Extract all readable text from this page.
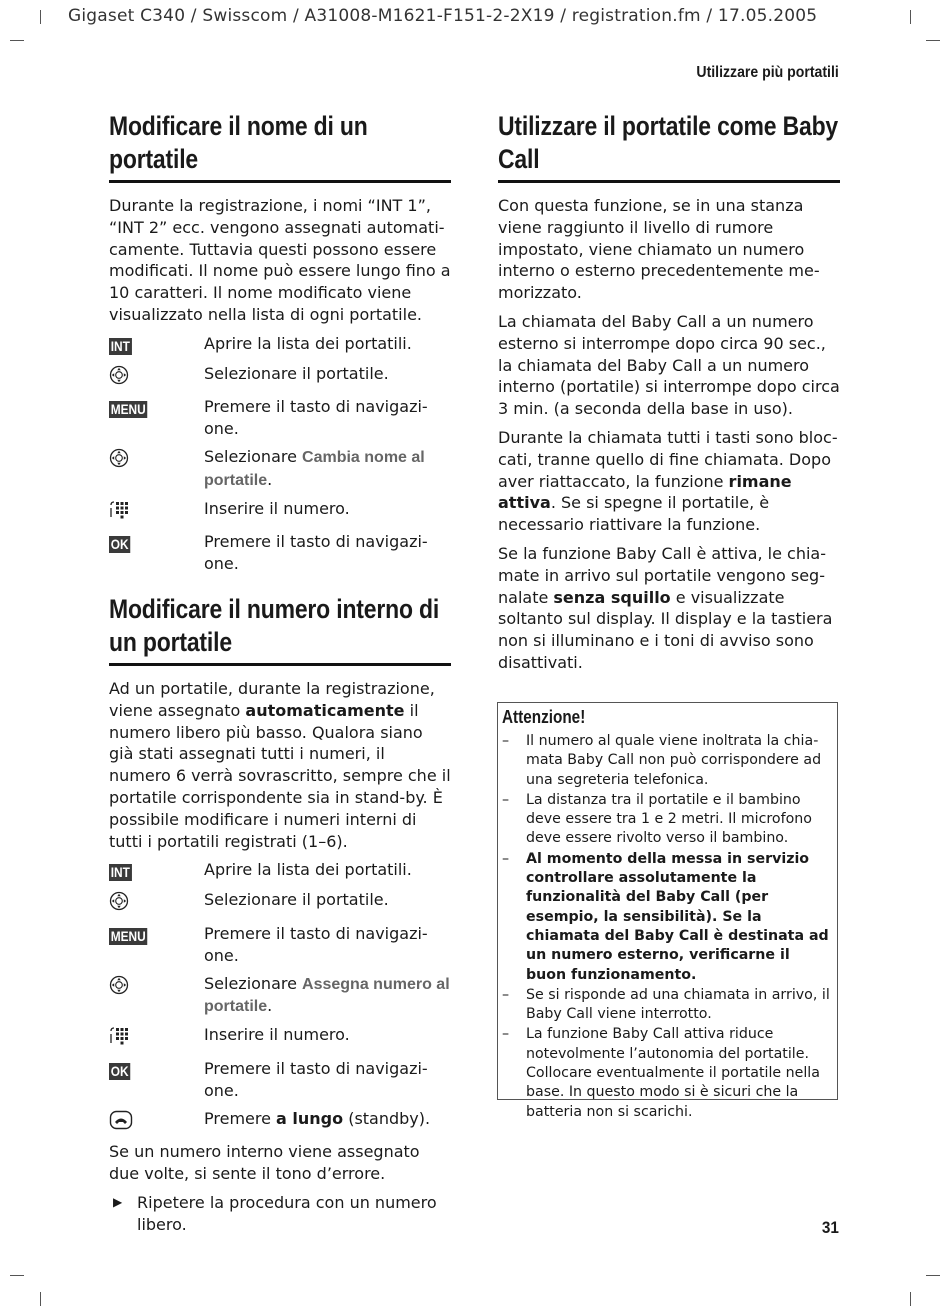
Gigaset C340 / Swisscom / A31008-M1621-F151-2-2X19 / registration.fm / 17.05.2005
Utilizzare più portatili
Modificare il nome di un portatile

Durante la registrazione, i nomi “INT 1”, “INT 2” ecc. vengono assegnati automaticamente. Tuttavia questi possono essere modificati. Il nome può essere lungo fino a 10 caratteri. Il nome modificato viene visualizzato nella lista di ogni portatile.

INT	Aprire la lista dei portatili.
Selezionare il portatile.
MENU	Premere il tasto di navigazione.
Selezionare Cambia nome al portatile.
Inserire il numero.
OK	Premere il tasto di navigazione.
Modificare il numero interno di un portatile

Ad un portatile, durante la registrazione, viene assegnato automaticamente il numero libero più basso. Qualora siano già stati assegnati tutti i numeri, il numero 6 verrà sovrascritto, sempre che il portatile corrispondente sia in stand-by. È possibile modificare i numeri interni di tutti i portatili registrati (1–6).

INT	Aprire la lista dei portatili.
Selezionare il portatile.
MENU	Premere il tasto di navigazione.
Selezionare Assegna numero al portatile.
Inserire il numero.
OK	Premere il tasto di navigazione.
Premere a lungo (standby).

Se un numero interno viene assegnato due volte, si sente il tono d’errore.

▶ Ripetere la procedura con un numero libero.
Utilizzare il portatile come Baby Call

Con questa funzione, se in una stanza viene raggiunto il livello di rumore impostato, viene chiamato un numero interno o esterno precedentemente memorizzato.

La chiamata del Baby Call a un numero esterno si interrompe dopo circa 90 sec., la chiamata del Baby Call a un numero interno (portatile) si interrompe dopo circa 3 min. (a seconda della base in uso).

Durante la chiamata tutti i tasti sono bloccati, tranne quello di fine chiamata. Dopo aver riattaccato, la funzione rimane attiva. Se si spegne il portatile, è necessario riattivare la funzione.

Se la funzione Baby Call è attiva, le chiamate in arrivo sul portatile vengono segnalate senza squillo e visualizzate soltanto sul display. Il display e la tastiera non si illuminano e i toni di avviso sono disattivati.

Attenzione!
–	Il numero al quale viene inoltrata la chiamata Baby Call non può corrispondere ad una segreteria telefonica.
–	La distanza tra il portatile e il bambino deve essere tra 1 e 2 metri. Il microfono deve essere rivolto verso il bambino.
–	Al momento della messa in servizio controllare assolutamente la funzionalità del Baby Call (per esempio, la sensibilità). Se la chiamata del Baby Call è destinata ad un numero esterno, verificarne il buon funzionamento.
–	Se si risponde ad una chiamata in arrivo, il Baby Call viene interrotto.
–	La funzione Baby Call attiva riduce notevolmente l’autonomia del portatile. Collocare eventualmente il portatile nella base. In questo modo si è sicuri che la batteria non si scarichi.
31
